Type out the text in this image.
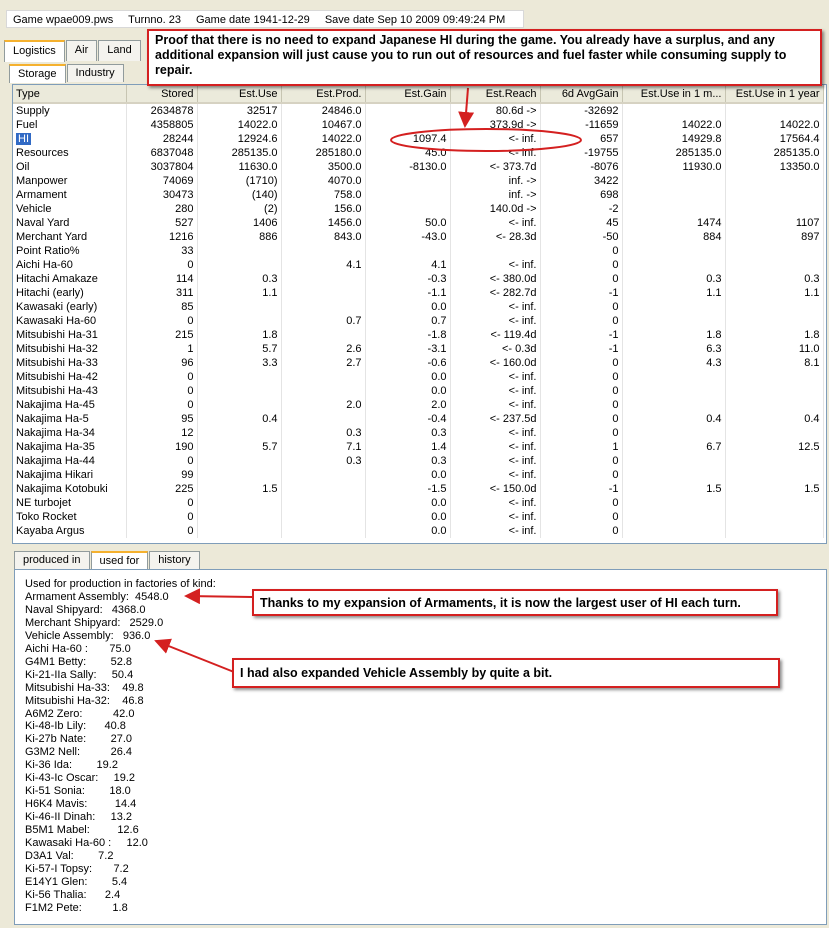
Game wpae009.pws Turnno. 23 Game date 1941-12-29 Save date Sep 10 2009 09:49:24 PM
Logistics	Air	Land
Storage	Industry
Type	Stored	Est.Use	Est.Prod.	Est.Gain	Est.Reach	6d AvgGain	Est.Use in 1 m...	Est.Use in 1 year
Supply	2634878	32517	24846.0		80.6d ->	-32692		
Fuel	4358805	14022.0	10467.0		373.9d ->	-11659	14022.0	14022.0
HI	28244	12924.6	14022.0	1097.4	<- inf.	657	14929.8	17564.4
Resources	6837048	285135.0	285180.0	45.0	<- inf.	-19755	285135.0	285135.0
Oil	3037804	11630.0	3500.0	-8130.0	<- 373.7d	-8076	11930.0	13350.0
Manpower	74069	(1710)	4070.0		inf. ->	3422		
Armament	30473	(140)	758.0		inf. ->	698		
Vehicle	280	(2)	156.0		140.0d ->	-2		
Naval Yard	527	1406	1456.0	50.0	<- inf.	45	1474	1107
Merchant Yard	1216	886	843.0	-43.0	<- 28.3d	-50	884	897
Point Ratio%	33					0		
Aichi Ha-60	0		4.1	4.1	<- inf.	0		
Hitachi Amakaze	114	0.3		-0.3	<- 380.0d	0	0.3	0.3
Hitachi (early)	311	1.1		-1.1	<- 282.7d	-1	1.1	1.1
Kawasaki (early)	85			0.0	<- inf.	0		
Kawasaki Ha-60	0		0.7	0.7	<- inf.	0		
Mitsubishi Ha-31	215	1.8		-1.8	<- 119.4d	-1	1.8	1.8
Mitsubishi Ha-32	1	5.7	2.6	-3.1	<- 0.3d	-1	6.3	11.0
Mitsubishi Ha-33	96	3.3	2.7	-0.6	<- 160.0d	0	4.3	8.1
Mitsubishi Ha-42	0			0.0	<- inf.	0		
Mitsubishi Ha-43	0			0.0	<- inf.	0		
Nakajima Ha-45	0		2.0	2.0	<- inf.	0		
Nakajima Ha-5	95	0.4		-0.4	<- 237.5d	0	0.4	0.4
Nakajima Ha-34	12		0.3	0.3	<- inf.	0		
Nakajima Ha-35	190	5.7	7.1	1.4	<- inf.	1	6.7	12.5
Nakajima Ha-44	0		0.3	0.3	<- inf.	0		
Nakajima Hikari	99			0.0	<- inf.	0		
Nakajima Kotobuki	225	1.5		-1.5	<- 150.0d	-1	1.5	1.5
NE turbojet	0			0.0	<- inf.	0		
Toko Rocket	0			0.0	<- inf.	0		
Kayaba Argus	0			0.0	<- inf.	0		
produced in	used for	history
Used for production in factories of kind:
Armament Assembly:  4548.0
Naval Shipyard:   4368.0
Merchant Shipyard:   2529.0
Vehicle Assembly:   936.0
Aichi Ha-60 :       75.0
G4M1 Betty:        52.8
Ki-21-IIa Sally:     50.4
Mitsubishi Ha-33:    49.8
Mitsubishi Ha-32:    46.8
A6M2 Zero:          42.0
Ki-48-Ib Lily:      40.8
Ki-27b Nate:        27.0
G3M2 Nell:          26.4
Ki-36 Ida:        19.2
Ki-43-Ic Oscar:     19.2
Ki-51 Sonia:        18.0
H6K4 Mavis:         14.4
Ki-46-II Dinah:     13.2
B5M1 Mabel:         12.6
Kawasaki Ha-60 :     12.0
D3A1 Val:        7.2
Ki-57-I Topsy:       7.2
E14Y1 Glen:        5.4
Ki-56 Thalia:      2.4
F1M2 Pete:          1.8
Proof that there is no need to expand Japanese HI during the game. You already have a surplus, and any additional expansion will just cause you to run out of resources and fuel faster while consuming supply to repair.
Thanks to my expansion of Armaments, it is now the largest user of HI each turn.
I had also expanded Vehicle Assembly by quite a bit.
